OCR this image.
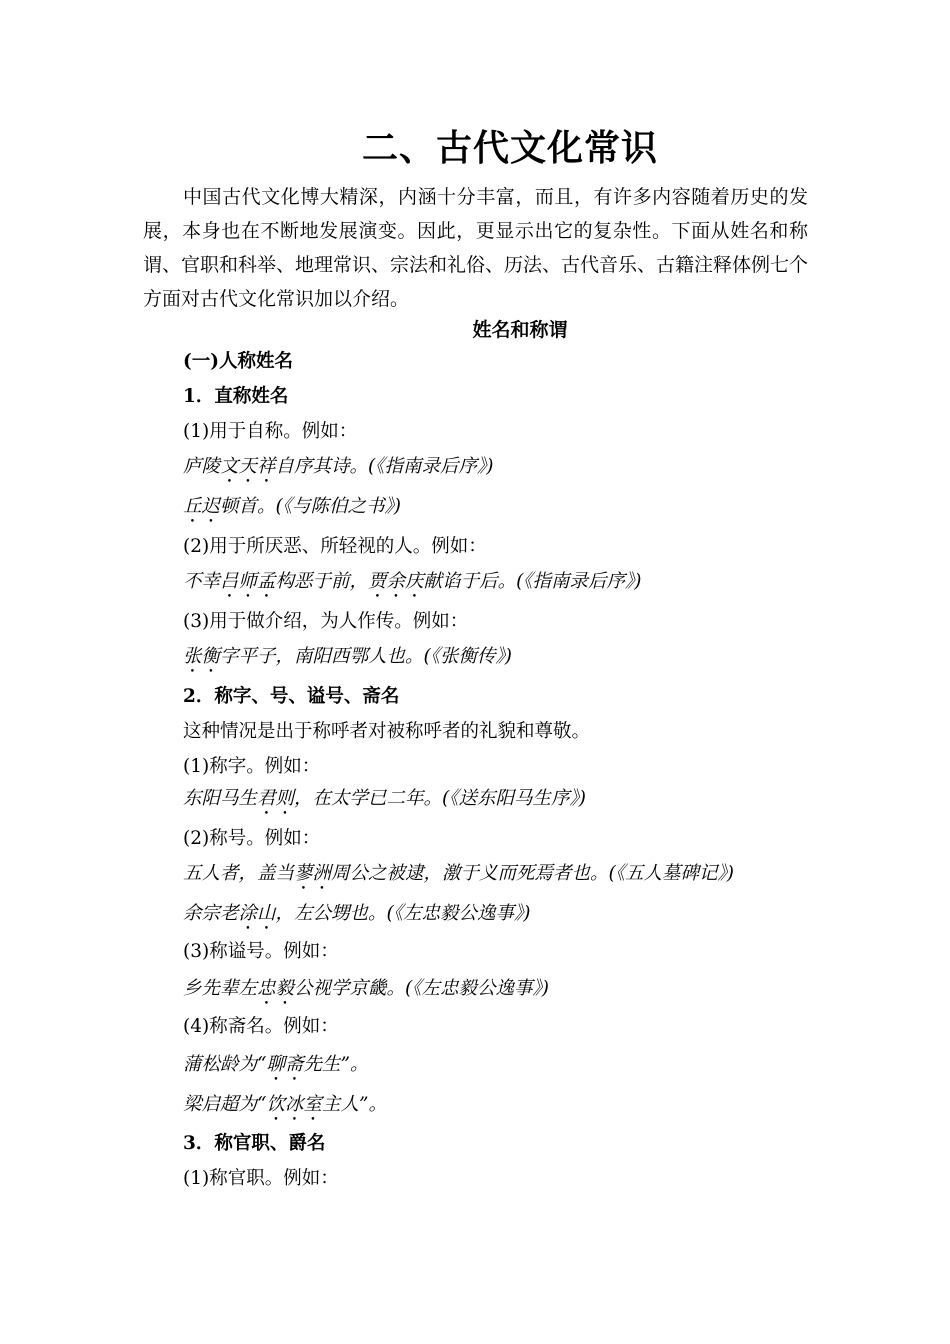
二、古代文化常识

中国古代文化博大精深，内涵十分丰富，而且，有许多内容随着历史的发展，本身也在不断地发展演变。因此，更显示出它的复杂性。下面从姓名和称谓、官职和科举、地理常识、宗法和礼俗、历法、古代音乐、古籍注释体例七个方面对古代文化常识加以介绍。

姓名和称谓
(一)人称姓名
1．直称姓名
(1)用于自称。例如：
庐陵文天祥自序其诗。(《指南录后序》)
丘迟顿首。(《与陈伯之书》)
(2)用于所厌恶、所轻视的人。例如：
不幸吕师孟构恶于前，贾余庆献谄于后。(《指南录后序》)
(3)用于做介绍，为人作传。例如：
张衡字平子，南阳西鄂人也。(《张衡传》)
2．称字、号、谥号、斋名
这种情况是出于称呼者对被称呼者的礼貌和尊敬。
(1)称字。例如：
东阳马生君则，在太学已二年。(《送东阳马生序》)
(2)称号。例如：
五人者，盖当蓼洲周公之被逮，激于义而死焉者也。(《五人墓碑记》)
余宗老涂山，左公甥也。(《左忠毅公逸事》)
(3)称谥号。例如：
乡先辈左忠毅公视学京畿。(《左忠毅公逸事》)
(4)称斋名。例如：
蒲松龄为“聊斋先生”。
梁启超为“饮冰室主人”。
3．称官职、爵名
(1)称官职。例如：
